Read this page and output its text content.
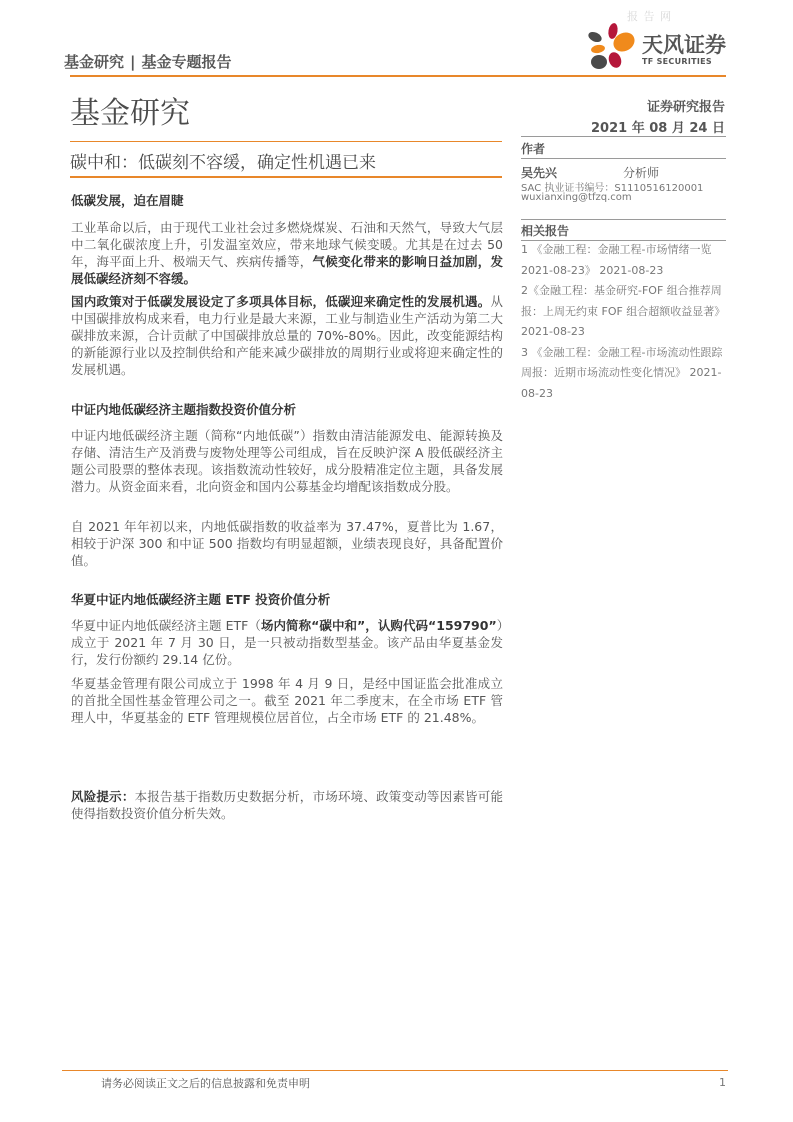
报 告 网
基金研究 | 基金专题报告
天风证券
TF SECURITIES
基金研究	证券研究报告
2021 年 08 月 24 日
碳中和：低碳刻不容缓，确定性机遇已来
作者
吴先兴	分析师
SAC 执业证书编号：S1110516120001
wuxianxing@tfzq.com
相关报告

1 《金融工程：金融工程-市场情绪一览 2021-08-23》 2021-08-23

2《金融工程：基金研究-FOF 组合推荐周报：上周无约束 FOF 组合超额收益显著》 2021-08-23

3 《金融工程：金融工程-市场流动性跟踪周报：近期市场流动性变化情况》 2021-08-23

低碳发展，迫在眉睫

工业革命以后，由于现代工业社会过多燃烧煤炭、石油和天然气，导致大气层中二氧化碳浓度上升，引发温室效应，带来地球气候变暖。尤其是在过去 50 年，海平面上升、极端天气、疾病传播等，气候变化带来的影响日益加剧，发展低碳经济刻不容缓。

国内政策对于低碳发展设定了多项具体目标，低碳迎来确定性的发展机遇。从中国碳排放构成来看，电力行业是最大来源，工业与制造业生产活动为第二大碳排放来源，合计贡献了中国碳排放总量的 70%-80%。因此，改变能源结构的新能源行业以及控制供给和产能来减少碳排放的周期行业或将迎来确定性的发展机遇。

中证内地低碳经济主题指数投资价值分析
中证内地低碳经济主题（简称“内地低碳”）指数由清洁能源发电、能源转换及存储、清洁生产及消费与废物处理等公司组成，旨在反映沪深 A 股低碳经济主题公司股票的整体表现。该指数流动性较好，成分股精准定位主题，具备发展潜力。从资金面来看，北向资金和国内公募基金均增配该指数成分股。
自 2021 年年初以来，内地低碳指数的收益率为 37.47%，夏普比为 1.67，相较于沪深 300 和中证 500 指数均有明显超额，业绩表现良好，具备配置价值。
华夏中证内地低碳经济主题 ETF 投资价值分析

华夏中证内地低碳经济主题 ETF（场内简称“碳中和”，认购代码“159790”）成立于 2021 年 7 月 30 日，是一只被动指数型基金。该产品由华夏基金发行，发行份额约 29.14 亿份。

华夏基金管理有限公司成立于 1998 年 4 月 9 日，是经中国证监会批准成立的首批全国性基金管理公司之一。截至 2021 年二季度末，在全市场 ETF 管理人中，华夏基金的 ETF 管理规模位居首位，占全市场 ETF 的 21.48%。

风险提示：本报告基于指数历史数据分析，市场环境、政策变动等因素皆可能使得指数投资价值分析失效。

请务必阅读正文之后的信息披露和免责申明	1
